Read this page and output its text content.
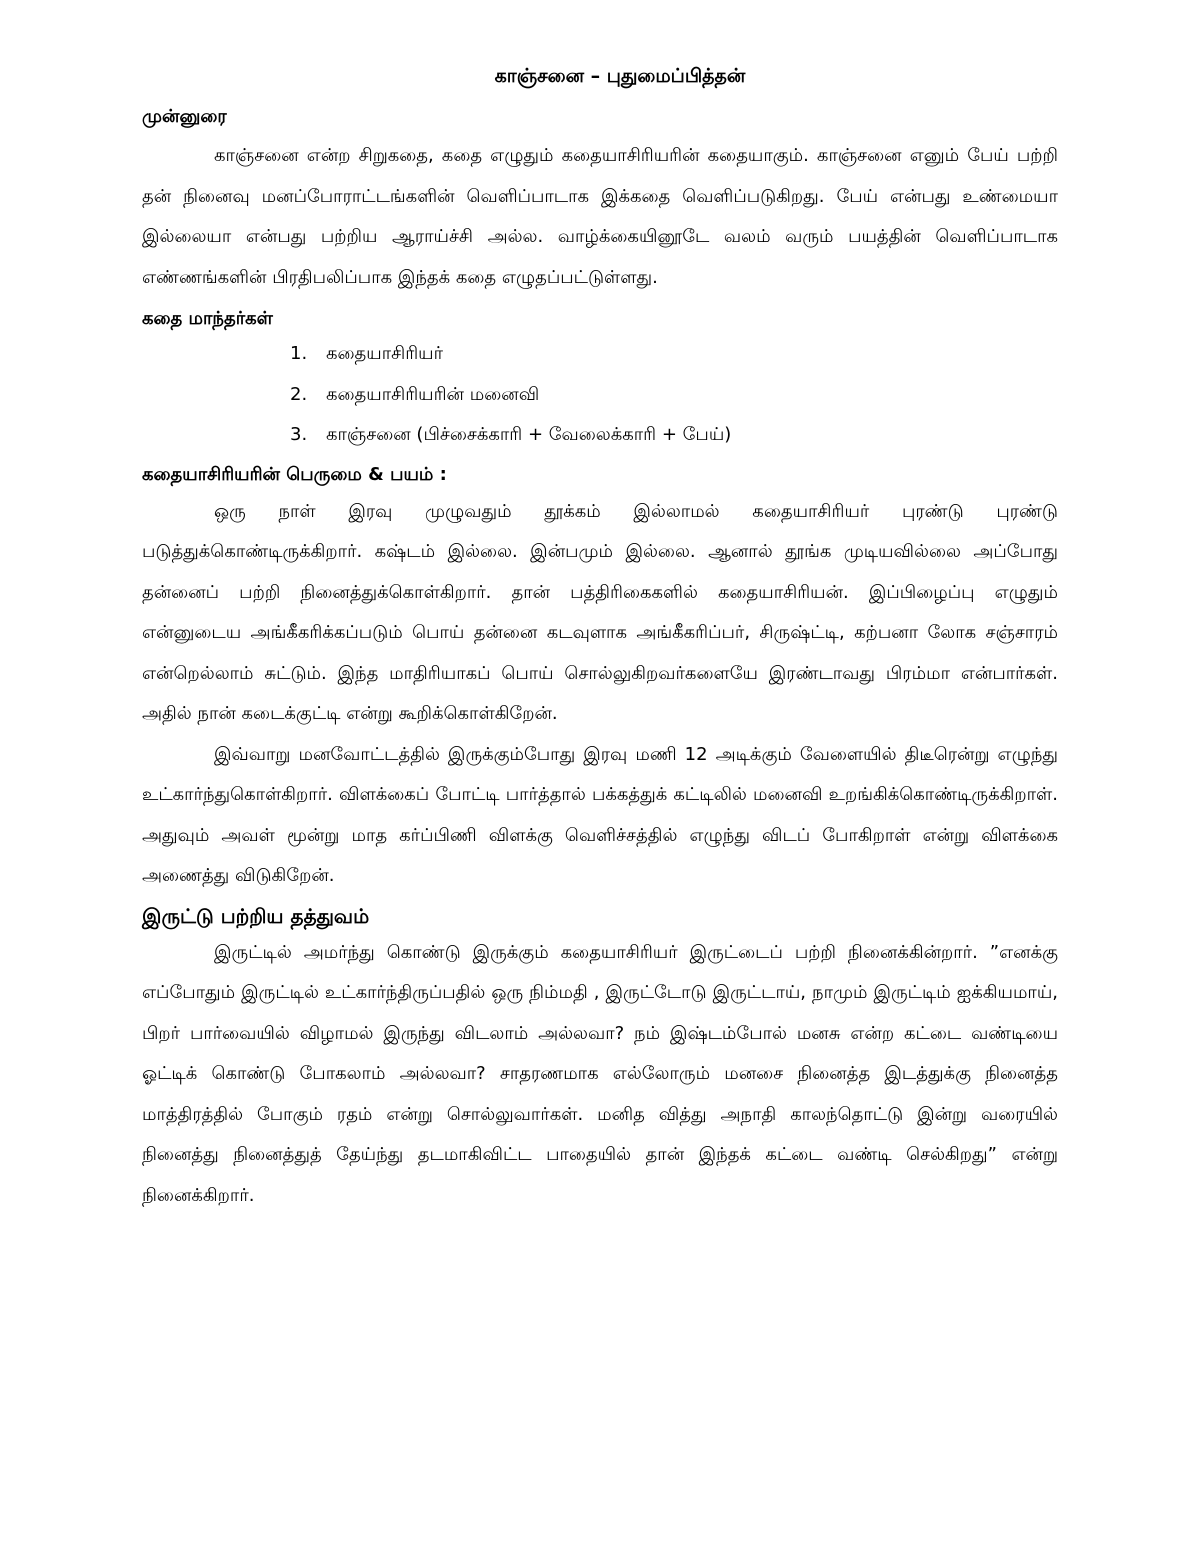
காஞ்சனை – புதுமைப்பித்தன்
முன்னுரை

காஞ்சனை என்ற சிறுகதை, கதை எழுதும் கதையாசிரியரின் கதையாகும். காஞ்சனை எனும் பேய் பற்றி தன் நினைவு மனப்போராட்டங்களின் வெளிப்பாடாக இக்கதை வெளிப்படுகிறது. பேய் என்பது உண்மையா இல்லையா என்பது பற்றிய ஆராய்ச்சி அல்ல. வாழ்க்கையினூடே வலம் வரும் பயத்தின் வெளிப்பாடாக எண்ணங்களின் பிரதிபலிப்பாக இந்தக் கதை எழுதப்பட்டுள்ளது.

கதை மாந்தர்கள்
1. கதையாசிரியர்
2. கதையாசிரியரின் மனைவி
3. காஞ்சனை (பிச்சைக்காரி + வேலைக்காரி + பேய்)
கதையாசிரியரின் பெருமை & பயம் :

ஒரு நாள் இரவு முழுவதும் தூக்கம் இல்லாமல் கதையாசிரியர் புரண்டு புரண்டு படுத்துக்கொண்டிருக்கிறார். கஷ்டம் இல்லை. இன்பமும் இல்லை. ஆனால் தூங்க முடியவில்லை அப்போது தன்னைப் பற்றி நினைத்துக்கொள்கிறார். தான் பத்திரிகைகளில் கதையாசிரியன். இப்பிழைப்பு எழுதும் என்னுடைய அங்கீகரிக்கப்படும் பொய் தன்னை கடவுளாக அங்கீகரிப்பர், சிருஷ்ட்டி, கற்பனா லோக சஞ்சாரம் என்றெல்லாம் சுட்டும். இந்த மாதிரியாகப் பொய் சொல்லுகிறவர்களையே இரண்டாவது பிரம்மா என்பார்கள். அதில் நான் கடைக்குட்டி என்று கூறிக்கொள்கிறேன்.

இவ்வாறு மனவோட்டத்தில் இருக்கும்போது இரவு மணி 12 அடிக்கும் வேளையில் திடீரென்று எழுந்து உட்கார்ந்துகொள்கிறார். விளக்கைப் போட்டி பார்த்தால் பக்கத்துக் கட்டிலில் மனைவி உறங்கிக்கொண்டிருக்கிறாள். அதுவும் அவள் மூன்று மாத கர்ப்பிணி விளக்கு வெளிச்சத்தில் எழுந்து விடப் போகிறாள் என்று விளக்கை அணைத்து விடுகிறேன்.

இருட்டு பற்றிய தத்துவம்

இருட்டில் அமர்ந்து கொண்டு இருக்கும் கதையாசிரியர் இருட்டைப் பற்றி நினைக்கின்றார். ”எனக்கு எப்போதும் இருட்டில் உட்கார்ந்திருப்பதில் ஒரு நிம்மதி , இருட்டோடு இருட்டாய், நாமும் இருட்டிம் ஐக்கியமாய், பிறர் பார்வையில் விழாமல் இருந்து விடலாம் அல்லவா? நம் இஷ்டம்போல் மனசு என்ற கட்டை வண்டியை ஓட்டிக் கொண்டு போகலாம் அல்லவா? சாதரணமாக எல்லோரும் மனசை நினைத்த இடத்துக்கு நினைத்த மாத்திரத்தில் போகும் ரதம் என்று சொல்லுவார்கள். மனித வித்து அநாதி காலந்தொட்டு இன்று வரையில் நினைத்து நினைத்துத் தேய்ந்து தடமாகிவிட்ட பாதையில் தான் இந்தக் கட்டை வண்டி செல்கிறது” என்று நினைக்கிறார்.
